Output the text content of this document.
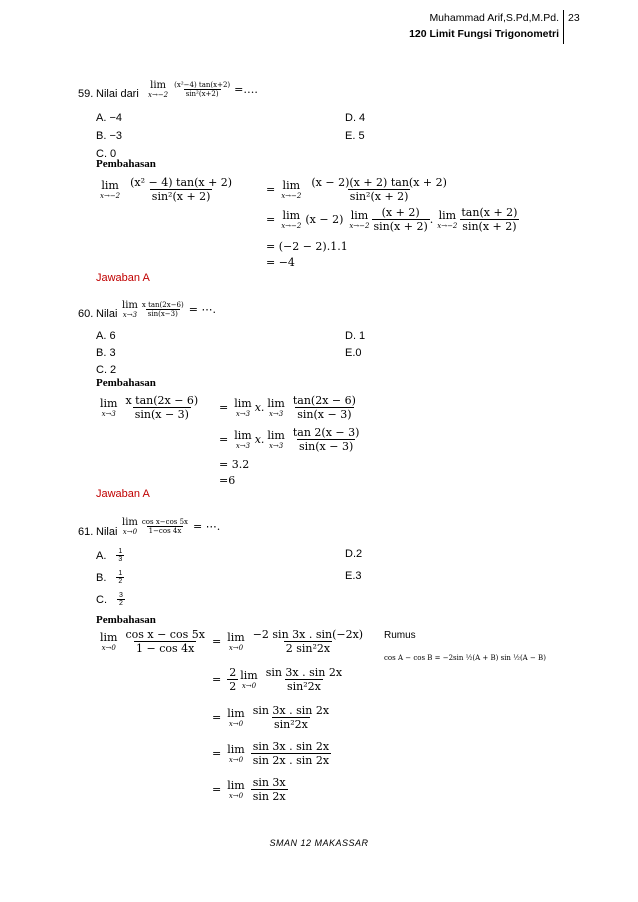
Muhammad Arif,S.Pd,M.Pd.
120 Limit Fungsi Trigonometri
23
59. Nilai dari
lim
$x\to-2 \frac{\text{(x²−4) tan(x+2)}}{\text{sin²(x+2)}}$ =….
A. −4
B. −3
C. 0
D. 4
E. 5
Pembahasan
lim
$x\to-2 \frac{\text{(x² − 4) tan(x + 2)}}{\text{sin²(x + 2)}}$	= lim
$x\to-2 \frac{(x - 2)(x + 2) \tan(x + 2)}{\text{sin²(x + 2)}}$
= lim
x→−2 (x − 2) lim
$x\to-2 \frac{(x + 2)}{\sin(x + 2)}$ . lim
$x\to-2 \frac{\tan(x + 2)}{\sin(x + 2)}$
= (−2 − 2).1.1
= −4
Jawaban A
60. Nilai
lim
$x\to 3 \frac{\text{x tan(2x−6)}}{\sin(x-3)}$ = ⋯.
A. 6
B. 3
C. 2
D. 1
E.0
Pembahasan
lim
$x\to 3 \frac{\text{x tan(2x − 6)}}{\sin(x - 3)} = \lim$
x→3 x. lim
$x\to 3 \frac{\tan(2x - 6)}{\sin(x - 3)}$
= lim
x→3 x. lim
$x\to 3 \frac{\tan 2(x - 3)}{\sin(x - 3)}$
= 3.2
=6
Jawaban A
61. Nilai
lim
$x\to 0 \frac{\text{cos x−cos 5x}}{1-\cos 4x}$ = ⋯.
A. $\frac{1}{3}$
B. $\frac{1}{2}$
C. $\frac{3}{2}$
D.2
E.3
Pembahasan
lim
$x\to 0 \frac{\text{cos x − cos 5x}}{1 - \cos 4x} = \lim$
$x\to 0 \frac{-2 \sin 3x . \sin(-2x)}{\text{2 sin²2x}}$ Rumus
cos A − cos B = −2sin ½(A + B) sin ½(A − B)
= $\frac{2}{2}$ lim
$x\to 0 \frac{\sin 3x . \sin 2x}{\text{sin²2x}}$
= lim
$x\to 0 \frac{\sin 3x . \sin 2x}{\text{sin²2x}}$
= lim
$x\to 0 \frac{\sin 3x . \sin 2x}{\sin 2x . \sin 2x}$
= lim
$x\to 0 \frac{\sin 3x}{\sin 2x}$
SMAN 12 MAKASSAR
